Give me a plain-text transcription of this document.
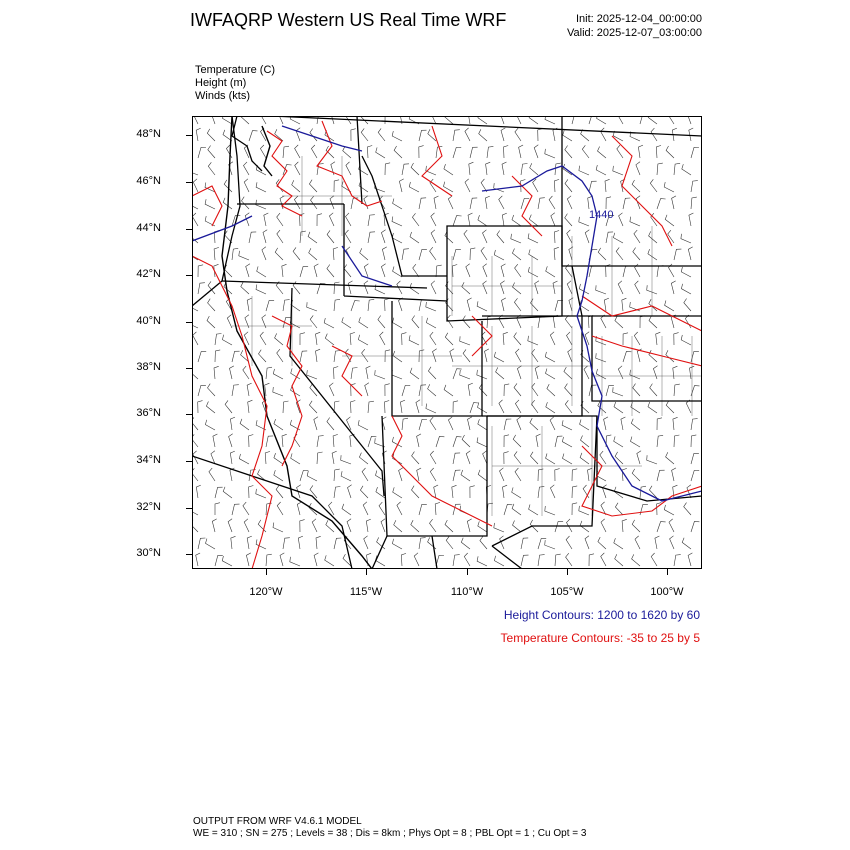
IWFAQRP Western US Real Time WRF	Init: 2025-12-04_00:00:00
Valid: 2025-12-07_03:00:00
Temperature (C)
Height (m)
Winds (kts)
1440
48°N
46°N
44°N
42°N
40°N
38°N
36°N
34°N
32°N
30°N
120°W	115°W	110°W	105°W	100°W
Height Contours: 1200 to 1620 by 60
Temperature Contours: -35 to 25 by 5
OUTPUT FROM WRF V4.6.1 MODEL
WE = 310 ; SN = 275 ; Levels = 38 ; Dis = 8km ; Phys Opt = 8 ; PBL Opt = 1 ; Cu Opt = 3
